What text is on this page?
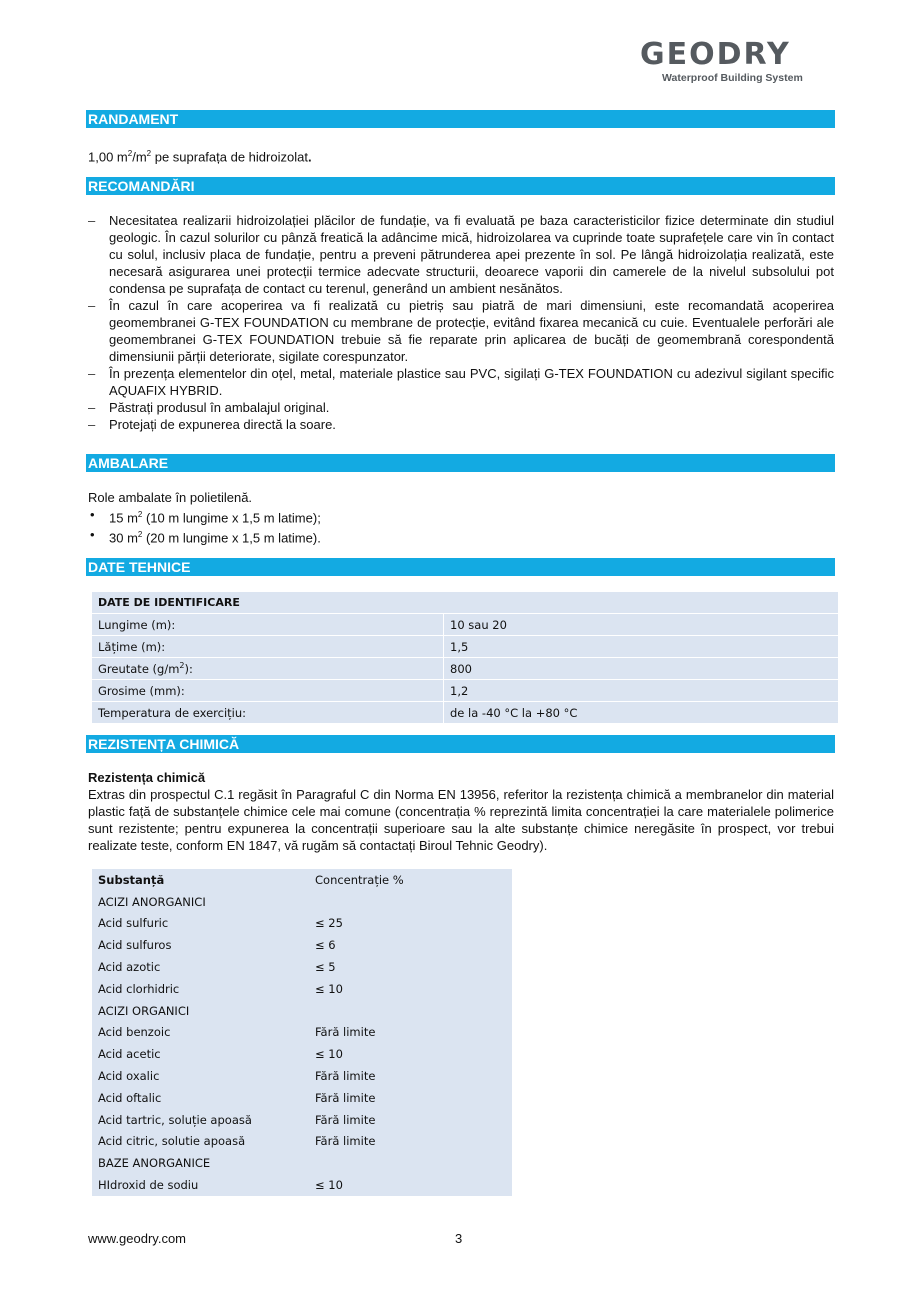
GEODRY
Waterproof Building System
RANDAMENT
1,00 $m^2/m^2$ pe suprafața de hidroizolat.
RECOMANDĂRI
– Necesitatea realizarii hidroizolației plăcilor de fundație, va fi evaluată pe baza caracteristicilor fizice determinate din studiul geologic. În cazul solurilor cu pânză freatică la adâncime mică, hidroizolarea va cuprinde toate suprafețele care vin în contact cu solul, inclusiv placa de fundație, pentru a preveni pătrunderea apei prezente în sol. Pe lângă hidroizolația realizată, este necesară asigurarea unei protecții termice adecvate structurii, deoarece vaporii din camerele de la nivelul subsolului pot condensa pe suprafața de contact cu terenul, generând un ambient nesănătos.
– În cazul în care acoperirea va fi realizată cu pietriș sau piatră de mari dimensiuni, este recomandată acoperirea geomembranei G-TEX FOUNDATION cu membrane de protecție, evitând fixarea mecanică cu cuie. Eventualele perforări ale geomembranei G-TEX FOUNDATION trebuie să fie reparate prin aplicarea de bucăți de geomembrană corespondentă dimensiunii părții deteriorate, sigilate corespunzator.
– În prezența elementelor din oțel, metal, materiale plastice sau PVC, sigilați G-TEX FOUNDATION cu adezivul sigilant specific AQUAFIX HYBRID.
– Păstrați produsul în ambalajul original.
– Protejați de expunerea directă la soare.
AMBALARE
Role ambalate în polietilenă.
• 15 $m^2$ (10 m lungime x 1,5 m latime);
• 30 $m^2$ (20 m lungime x 1,5 m latime).
DATE TEHNICE
DATE DE IDENTIFICARE	
Lungime (m):	10 sau 20
Lățime (m):	1,5
Greutate $(g/m^2)$:	800
Grosime (mm):	1,2
Temperatura de exercițiu:	de la -40 °C la +80 °C
REZISTENȚA CHIMICĂ
Rezistența chimică
Extras din prospectul C.1 regăsit în Paragraful C din Norma EN 13956, referitor la rezistența chimică a membranelor din material plastic față de substanțele chimice cele mai comune (concentrația % reprezintă limita concentrației la care materialele polimerice sunt rezistente; pentru expunerea la concentrații superioare sau la alte substanțe chimice neregăsite în prospect, vor trebui realizate teste, conform EN 1847, vă rugăm să contactați Biroul Tehnic Geodry).
Substanță	Concentrație %
ACIZI ANORGANICI	
Acid sulfuric	≤ 25
Acid sulfuros	≤ 6
Acid azotic	≤ 5
Acid clorhidric	≤ 10
ACIZI ORGANICI	
Acid benzoic	Fără limite
Acid acetic	≤ 10
Acid oxalic	Fără limite
Acid oftalic	Fără limite
Acid tartric, soluție apoasă	Fără limite
Acid citric, solutie apoasă	Fără limite
BAZE ANORGANICE	
HIdroxid de sodiu	≤ 10
www.geodry.com	3
